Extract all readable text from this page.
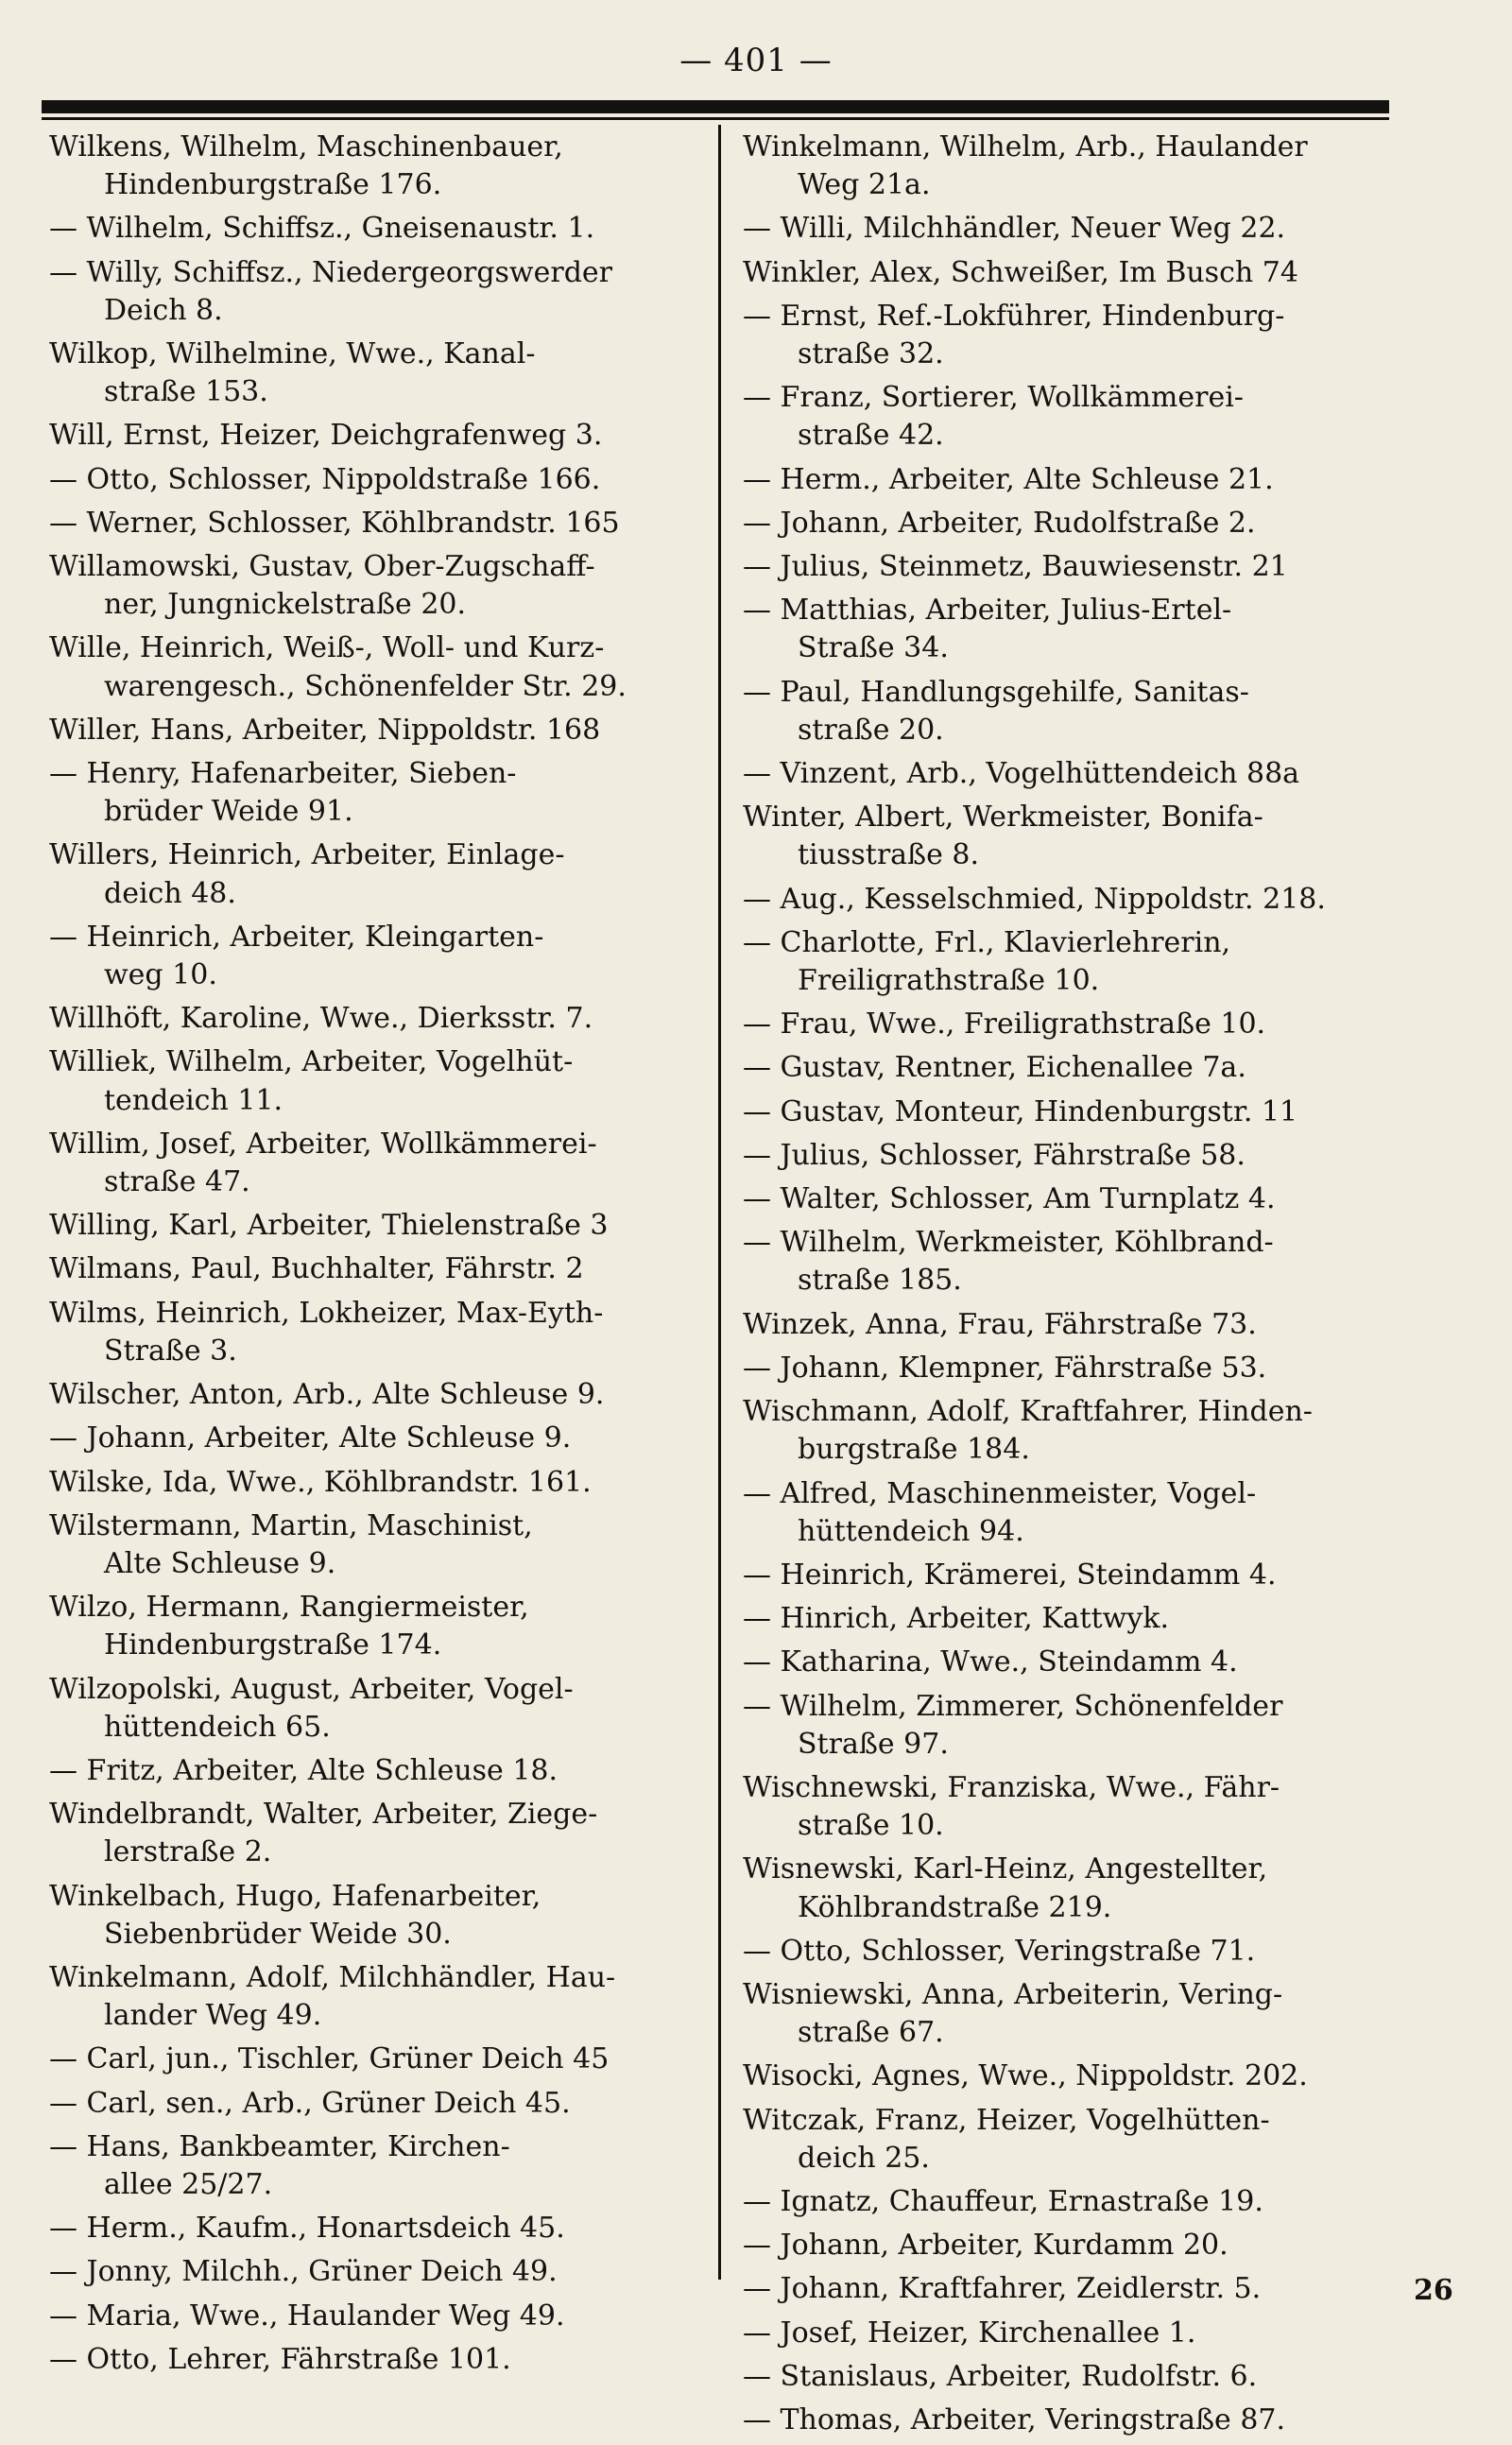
— 401 —
Wilkens, Wilhelm, Maschinenbauer,
Hindenburgstraße 176.
— Wilhelm, Schiffsz., Gneisenaustr. 1.
— Willy, Schiffsz., Niedergeorgswerder
Deich 8.
Wilkop, Wilhelmine, Wwe., Kanal-
straße 153.
Will, Ernst, Heizer, Deichgrafenweg 3.
— Otto, Schlosser, Nippoldstraße 166.
— Werner, Schlosser, Köhlbrandstr. 165
Willamowski, Gustav, Ober-Zugschaff-
ner, Jungnickelstraße 20.
Wille, Heinrich, Weiß-, Woll- und Kurz-
warengesch., Schönenfelder Str. 29.
Willer, Hans, Arbeiter, Nippoldstr. 168
— Henry, Hafenarbeiter, Sieben-
brüder Weide 91.
Willers, Heinrich, Arbeiter, Einlage-
deich 48.
— Heinrich, Arbeiter, Kleingarten-
weg 10.
Willhöft, Karoline, Wwe., Dierksstr. 7.
Williek, Wilhelm, Arbeiter, Vogelhüt-
tendeich 11.
Willim, Josef, Arbeiter, Wollkämmerei-
straße 47.
Willing, Karl, Arbeiter, Thielenstraße 3
Wilmans, Paul, Buchhalter, Fährstr. 2
Wilms, Heinrich, Lokheizer, Max-Eyth-
Straße 3.
Wilscher, Anton, Arb., Alte Schleuse 9.
— Johann, Arbeiter, Alte Schleuse 9.
Wilske, Ida, Wwe., Köhlbrandstr. 161.
Wilstermann, Martin, Maschinist,
Alte Schleuse 9.
Wilzo, Hermann, Rangiermeister,
Hindenburgstraße 174.
Wilzopolski, August, Arbeiter, Vogel-
hüttendeich 65.
— Fritz, Arbeiter, Alte Schleuse 18.
Windelbrandt, Walter, Arbeiter, Ziege-
lerstraße 2.
Winkelbach, Hugo, Hafenarbeiter,
Siebenbrüder Weide 30.
Winkelmann, Adolf, Milchhändler, Hau-
lander Weg 49.
— Carl, jun., Tischler, Grüner Deich 45
— Carl, sen., Arb., Grüner Deich 45.
— Hans, Bankbeamter, Kirchen-
allee 25/27.
— Herm., Kaufm., Honartsdeich 45.
— Jonny, Milchh., Grüner Deich 49.
— Maria, Wwe., Haulander Weg 49.
— Otto, Lehrer, Fährstraße 101.
Winkelmann, Wilhelm, Arb., Haulander
Weg 21a.
— Willi, Milchhändler, Neuer Weg 22.
Winkler, Alex, Schweißer, Im Busch 74
— Ernst, Ref.-Lokführer, Hindenburg-
straße 32.
— Franz, Sortierer, Wollkämmerei-
straße 42.
— Herm., Arbeiter, Alte Schleuse 21.
— Johann, Arbeiter, Rudolfstraße 2.
— Julius, Steinmetz, Bauwiesenstr. 21
— Matthias, Arbeiter, Julius-Ertel-
Straße 34.
— Paul, Handlungsgehilfe, Sanitas-
straße 20.
— Vinzent, Arb., Vogelhüttendeich 88a
Winter, Albert, Werkmeister, Bonifa-
tiusstraße 8.
— Aug., Kesselschmied, Nippoldstr. 218.
— Charlotte, Frl., Klavierlehrerin,
Freiligrathstraße 10.
— Frau, Wwe., Freiligrathstraße 10.
— Gustav, Rentner, Eichenallee 7a.
— Gustav, Monteur, Hindenburgstr. 11
— Julius, Schlosser, Fährstraße 58.
— Walter, Schlosser, Am Turnplatz 4.
— Wilhelm, Werkmeister, Köhlbrand-
straße 185.
Winzek, Anna, Frau, Fährstraße 73.
— Johann, Klempner, Fährstraße 53.
Wischmann, Adolf, Kraftfahrer, Hinden-
burgstraße 184.
— Alfred, Maschinenmeister, Vogel-
hüttendeich 94.
— Heinrich, Krämerei, Steindamm 4.
— Hinrich, Arbeiter, Kattwyk.
— Katharina, Wwe., Steindamm 4.
— Wilhelm, Zimmerer, Schönenfelder
Straße 97.
Wischnewski, Franziska, Wwe., Fähr-
straße 10.
Wisnewski, Karl-Heinz, Angestellter,
Köhlbrandstraße 219.
— Otto, Schlosser, Veringstraße 71.
Wisniewski, Anna, Arbeiterin, Vering-
straße 67.
Wisocki, Agnes, Wwe., Nippoldstr. 202.
Witczak, Franz, Heizer, Vogelhütten-
deich 25.
— Ignatz, Chauffeur, Ernastraße 19.
— Johann, Arbeiter, Kurdamm 20.
— Johann, Kraftfahrer, Zeidlerstr. 5.
— Josef, Heizer, Kirchenallee 1.
— Stanislaus, Arbeiter, Rudolfstr. 6.
— Thomas, Arbeiter, Veringstraße 87.
26
